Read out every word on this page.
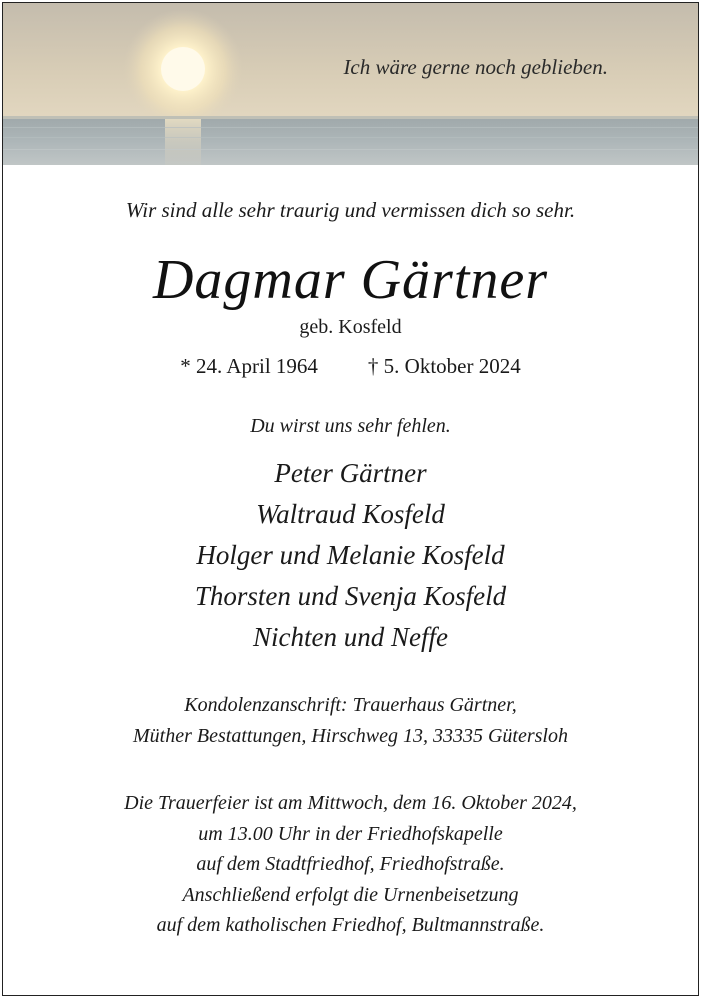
Ich wäre gerne noch geblieben.
Wir sind alle sehr traurig und vermissen dich so sehr.
Dagmar Gärtner
geb. Kosfeld
* 24. April 1964 † 5. Oktober 2024
Du wirst uns sehr fehlen.
Peter Gärtner
Waltraud Kosfeld
Holger und Melanie Kosfeld
Thorsten und Svenja Kosfeld
Nichten und Neffe
Kondolenzanschrift: Trauerhaus Gärtner,
Müther Bestattungen, Hirschweg 13, 33335 Gütersloh
Die Trauerfeier ist am Mittwoch, dem 16. Oktober 2024,
um 13.00 Uhr in der Friedhofskapelle
auf dem Stadtfriedhof, Friedhofstraße.
Anschließend erfolgt die Urnenbeisetzung
auf dem katholischen Friedhof, Bultmannstraße.
